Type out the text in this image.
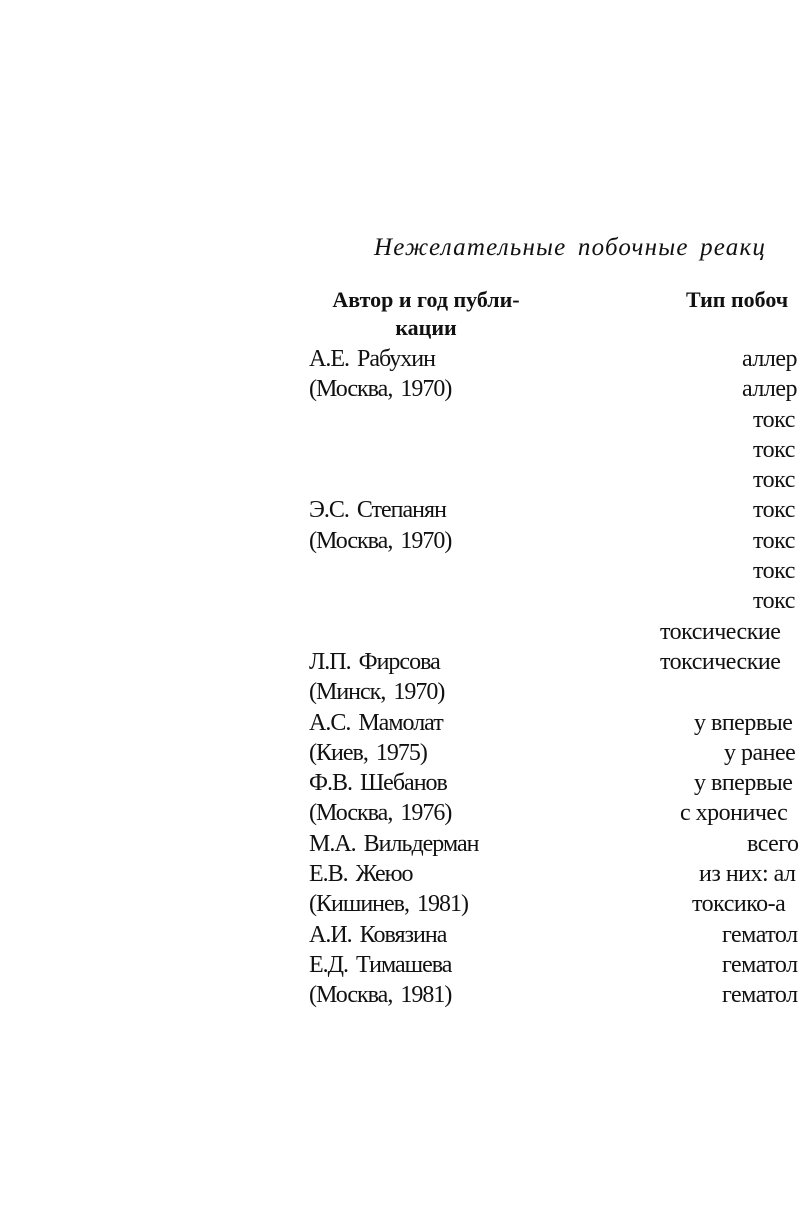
Нежелательные побочные реакц
Автор и год публи-
кации
Тип побоч
А.Е. Рабухин
(Москва, 1970)
Э.С. Степанян
(Москва, 1970)
Л.П. Фирсова
(Минск, 1970)
А.С. Мамолат
(Киев, 1975)
Ф.В. Шебанов
(Москва, 1976)
М.А. Вильдерман
Е.В. Жеюо
(Кишинев, 1981)
А.И. Ковязина
Е.Д. Тимашева
(Москва, 1981)
аллер
аллер
токс
токс
токс
токс
токс
токс
токс
токсические
токсические
у впервые
у ранее
у впервые
с хроничес
всего
из них: ал
токсико-а
гематол
гематол
гематол
